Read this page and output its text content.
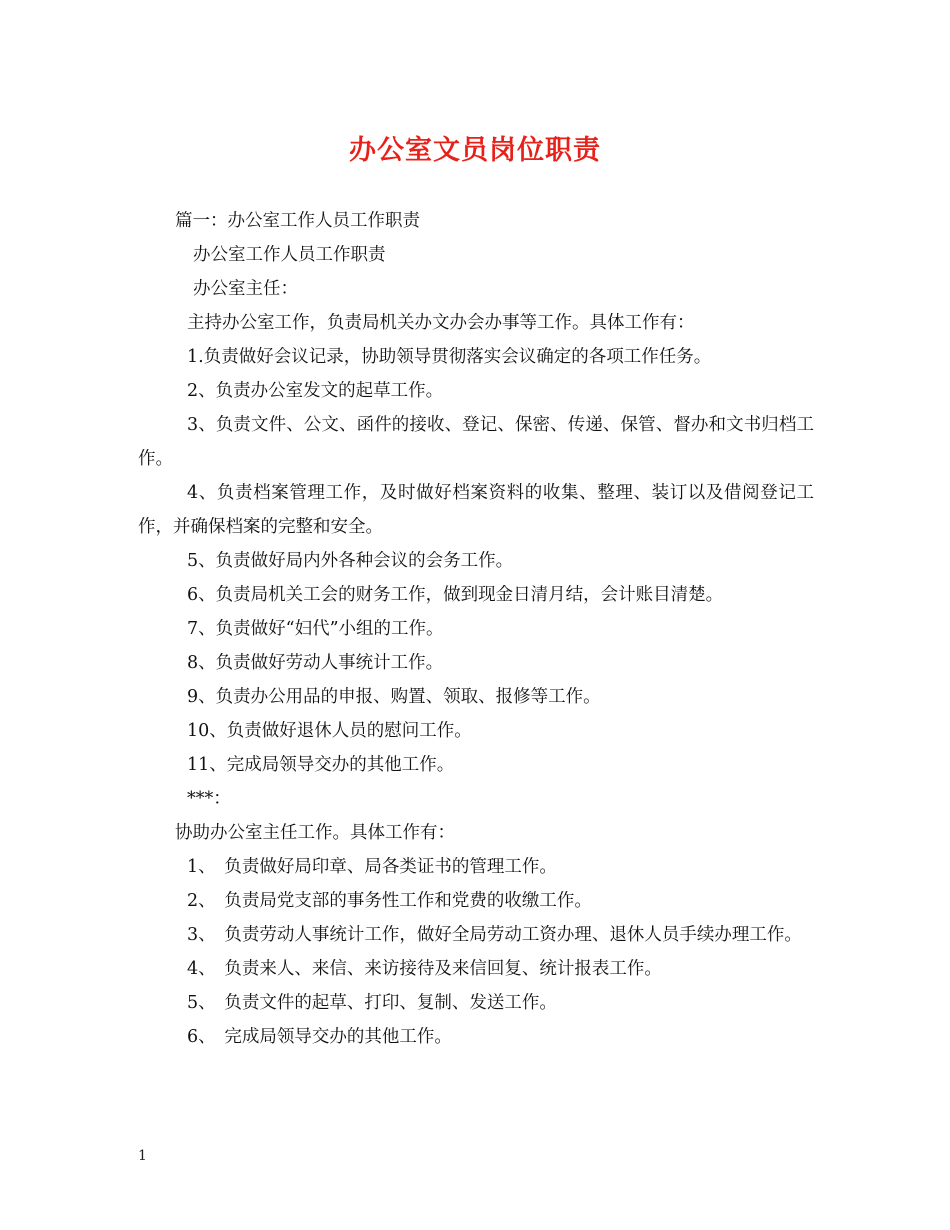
办公室文员岗位职责
篇一：办公室工作人员工作职责
办公室工作人员工作职责
办公室主任：
主持办公室工作，负责局机关办文办会办事等工作。具体工作有：
1.负责做好会议记录，协助领导贯彻落实会议确定的各项工作任务。
2、负责办公室发文的起草工作。
3、负责文件、公文、函件的接收、登记、保密、传递、保管、督办和文书归档工作。
4、负责档案管理工作，及时做好档案资料的收集、整理、装订以及借阅登记工作，并确保档案的完整和安全。
5、负责做好局内外各种会议的会务工作。
6、负责局机关工会的财务工作，做到现金日清月结，会计账目清楚。
7、负责做好“妇代”小组的工作。
8、负责做好劳动人事统计工作。
9、负责办公用品的申报、购置、领取、报修等工作。
10、负责做好退休人员的慰问工作。
11、完成局领导交办的其他工作。
***：
协助办公室主任工作。具体工作有：
1、　负责做好局印章、局各类证书的管理工作。
2、　负责局党支部的事务性工作和党费的收缴工作。
3、　负责劳动人事统计工作，做好全局劳动工资办理、退休人员手续办理工作。
4、　负责来人、来信、来访接待及来信回复、统计报表工作。
5、　负责文件的起草、打印、复制、发送工作。
6、　完成局领导交办的其他工作。
1
